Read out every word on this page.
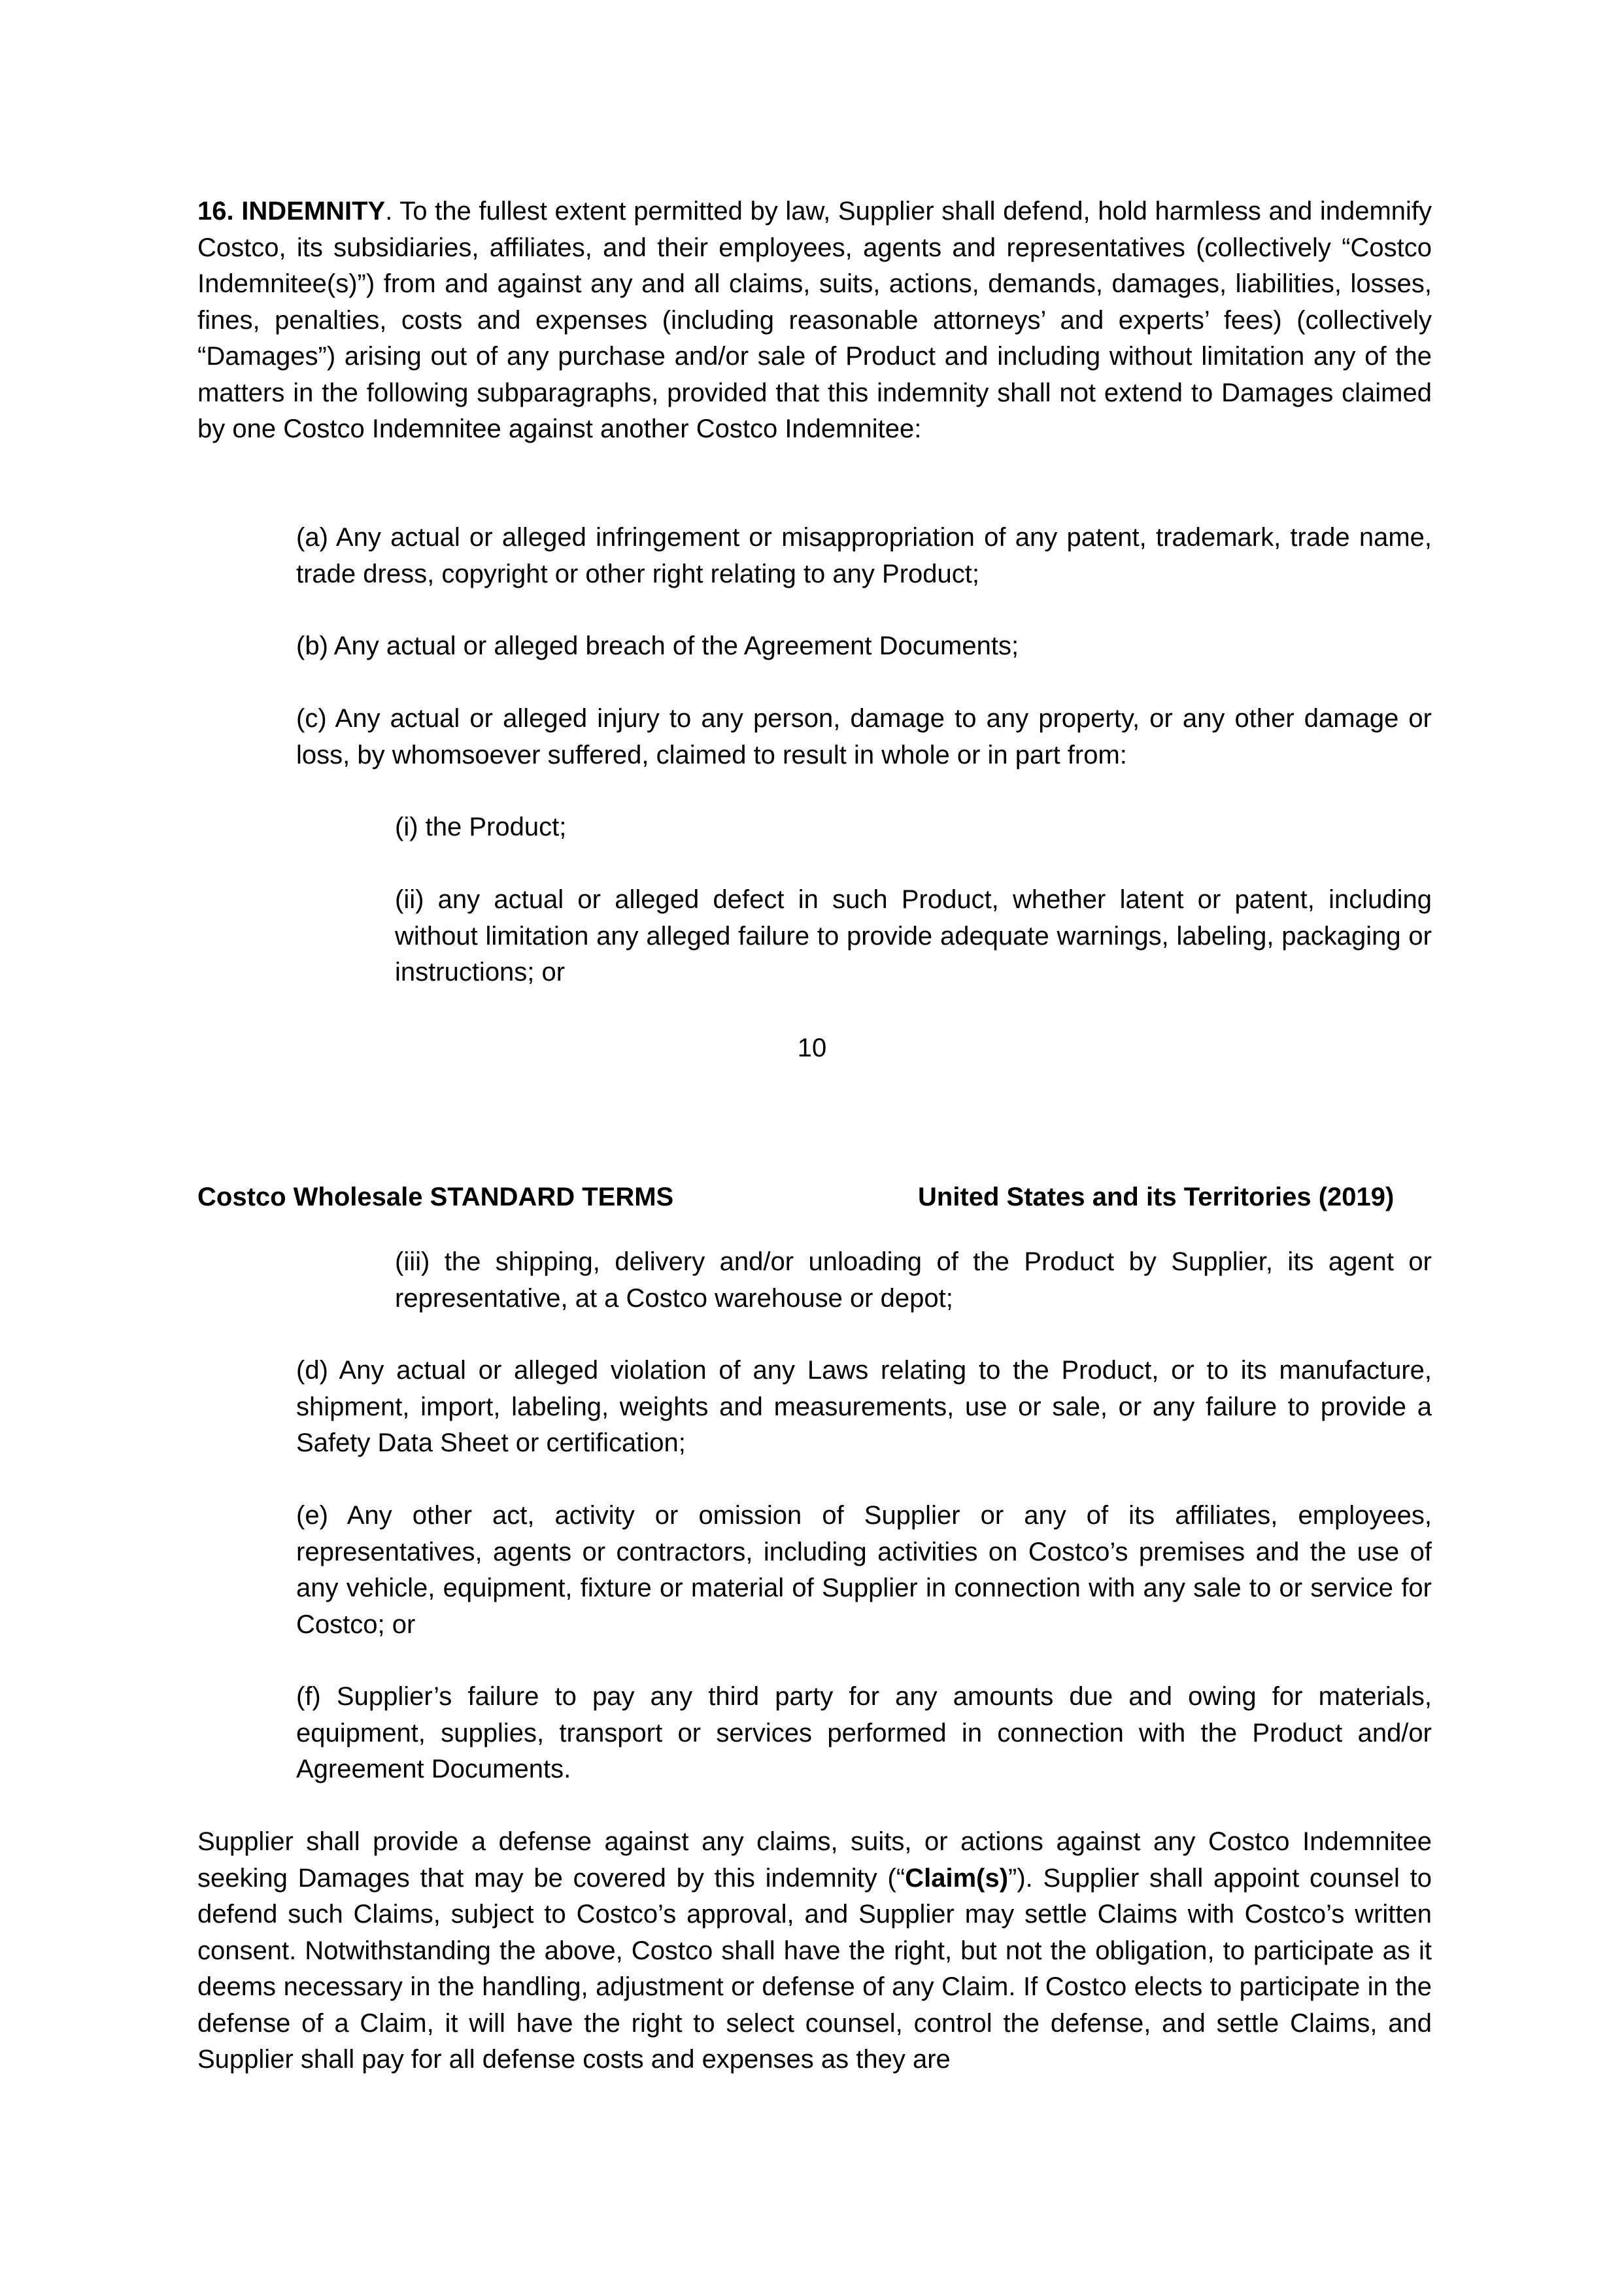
16. INDEMNITY. To the fullest extent permitted by law, Supplier shall defend, hold harmless and indemnify Costco, its subsidiaries, affiliates, and their employees, agents and representatives (collectively “Costco Indemnitee(s)”) from and against any and all claims, suits, actions, demands, damages, liabilities, losses, fines, penalties, costs and expenses (including reasonable attorneys’ and experts’ fees) (collectively “Damages”) arising out of any purchase and/or sale of Product and including without limitation any of the matters in the following subparagraphs, provided that this indemnity shall not extend to Damages claimed by one Costco Indemnitee against another Costco Indemnitee:

(a) Any actual or alleged infringement or misappropriation of any patent, trademark, trade name, trade dress, copyright or other right relating to any Product;

(b) Any actual or alleged breach of the Agreement Documents;

(c) Any actual or alleged injury to any person, damage to any property, or any other damage or loss, by whomsoever suffered, claimed to result in whole or in part from:

(i) the Product;

(ii) any actual or alleged defect in such Product, whether latent or patent, including without limitation any alleged failure to provide adequate warnings, labeling, packaging or instructions; or

10
Costco Wholesale STANDARD TERMS	United States and its Territories (2019)

(iii) the shipping, delivery and/or unloading of the Product by Supplier, its agent or representative, at a Costco warehouse or depot;

(d) Any actual or alleged violation of any Laws relating to the Product, or to its manufacture, shipment, import, labeling, weights and measurements, use or sale, or any failure to provide a Safety Data Sheet or certification;

(e) Any other act, activity or omission of Supplier or any of its affiliates, employees, representatives, agents or contractors, including activities on Costco’s premises and the use of any vehicle, equipment, fixture or material of Supplier in connection with any sale to or service for Costco; or

(f) Supplier’s failure to pay any third party for any amounts due and owing for materials, equipment, supplies, transport or services performed in connection with the Product and/or Agreement Documents.

Supplier shall provide a defense against any claims, suits, or actions against any Costco Indemnitee seeking Damages that may be covered by this indemnity (“Claim(s)”). Supplier shall appoint counsel to defend such Claims, subject to Costco’s approval, and Supplier may settle Claims with Costco’s written consent. Notwithstanding the above, Costco shall have the right, but not the obligation, to participate as it deems necessary in the handling, adjustment or defense of any Claim. If Costco elects to participate in the defense of a Claim, it will have the right to select counsel, control the defense, and settle Claims, and Supplier shall pay for all defense costs and expenses as they are
